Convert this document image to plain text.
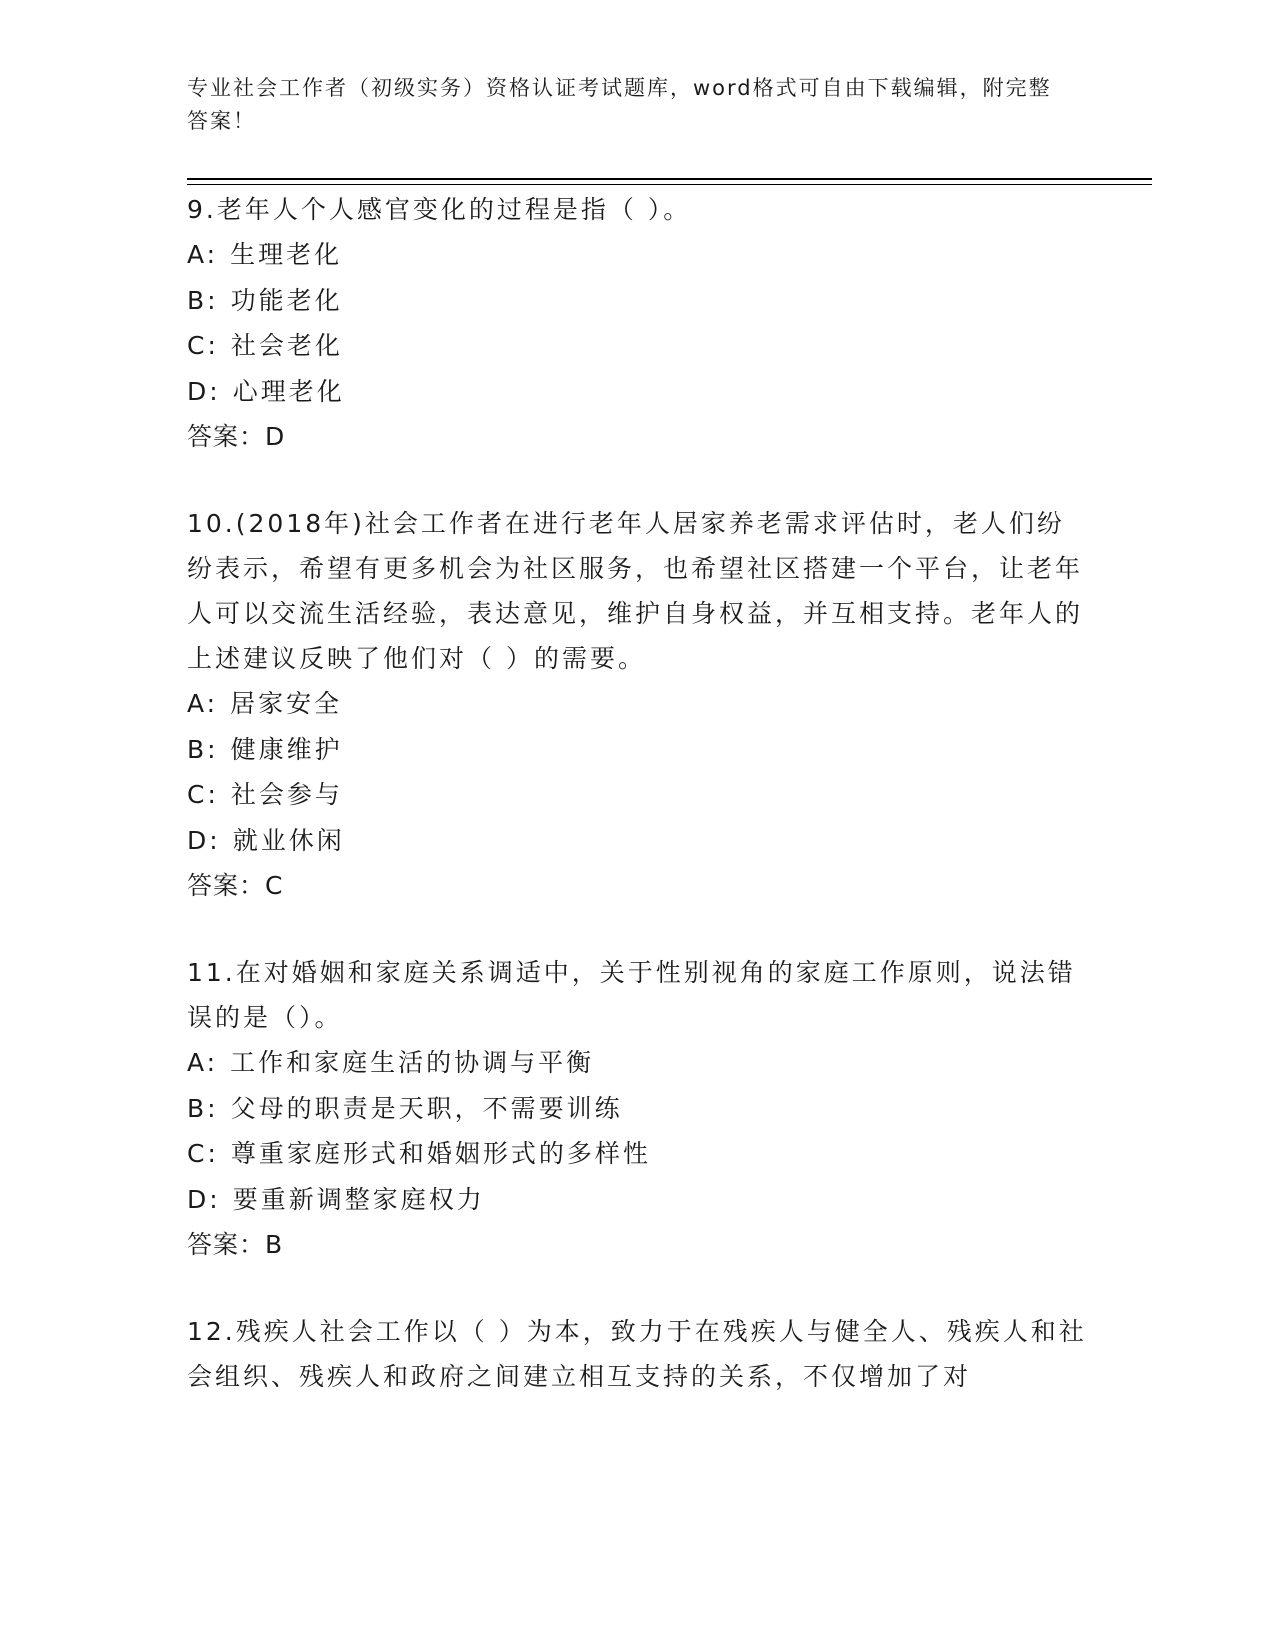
专业社会工作者（初级实务）资格认证考试题库，word格式可自由下载编辑，附完整答案！

9.老年人个人感官变化的过程是指（ ）。

A: 生理老化

B: 功能老化

C: 社会老化

D: 心理老化

答案：D

10.(2018年)社会工作者在进行老年人居家养老需求评估时，老人们纷纷表示，希望有更多机会为社区服务，也希望社区搭建一个平台，让老年人可以交流生活经验，表达意见，维护自身权益，并互相支持。老年人的上述建议反映了他们对（ ）的需要。

A: 居家安全

B: 健康维护

C: 社会参与

D: 就业休闲

答案：C

11.在对婚姻和家庭关系调适中，关于性别视角的家庭工作原则，说法错误的是（）。

A: 工作和家庭生活的协调与平衡

B: 父母的职责是天职，不需要训练

C: 尊重家庭形式和婚姻形式的多样性

D: 要重新调整家庭权力

答案：B

12.残疾人社会工作以（ ）为本，致力于在残疾人与健全人、残疾人和社会组织、残疾人和政府之间建立相互支持的关系，不仅增加了对
